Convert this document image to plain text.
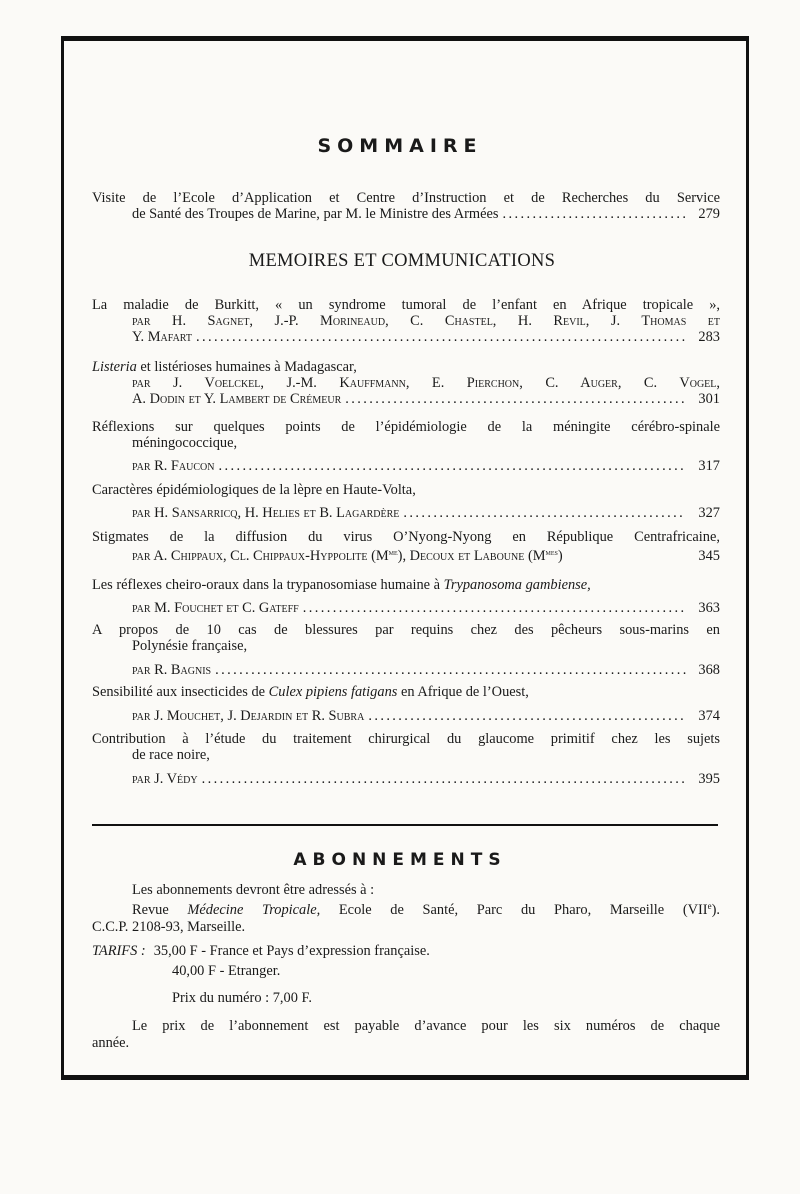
SOMMAIRE
Visite de l’Ecole d’Application et Centre d’Instruction et de Recherches du Service
de Santé des Troupes de Marine, par M. le Ministre des Armées . . .	279
MEMOIRES ET COMMUNICATIONS
La maladie de Burkitt, « un syndrome tumoral de l’enfant en Afrique tropicale »,
par H. Sagnet, J.-P. Morineaud, C. Chastel, H. Revil, J. Thomas et
Y. Mafart . . .	283
Listeria et listérioses humaines à Madagascar,
par J. Voelckel, J.-M. Kauffmann, E. Pierchon, C. Auger, C. Vogel,
A. Dodin et Y. Lambert de Crémeur . . .	301
Réflexions sur quelques points de l’épidémiologie de la méningite cérébro-spinale
méningococcique,
par R. Faucon . . .	317
Caractères épidémiologiques de la lèpre en Haute-Volta,
par H. Sansarricq, H. Helies et B. Lagardère . . .	327
Stigmates de la diffusion du virus O’Nyong-Nyong en République Centrafricaine,
par A. Chippaux, Cl. Chippaux-Hyppolite $(M^{me})$, Decoux et Laboune $(M^{mes})$	345
Les réflexes cheiro-oraux dans la trypanosomiase humaine à Trypanosoma gambiense,
par M. Fouchet et C. Gateff . . .	363
A propos de 10 cas de blessures par requins chez des pêcheurs sous-marins en
Polynésie française,
par R. Bagnis . . .	368
Sensibilité aux insecticides de Culex pipiens fatigans en Afrique de l’Ouest,
par J. Mouchet, J. Dejardin et R. Subra . . .	374
Contribution à l’étude du traitement chirurgical du glaucome primitif chez les sujets
de race noire,
par J. Védy . . .	395
ABONNEMENTS
Les abonnements devront être adressés à :
Revue Médecine Tropicale, Ecole de Santé, Parc du Pharo, Marseille (VIIe).
C.C.P. 2108-93, Marseille.
TARIFS : 35,00 F - France et Pays d’expression française.
40,00 F - Etranger.
Prix du numéro : 7,00 F.
Le prix de l’abonnement est payable d’avance pour les six numéros de chaque
année.
